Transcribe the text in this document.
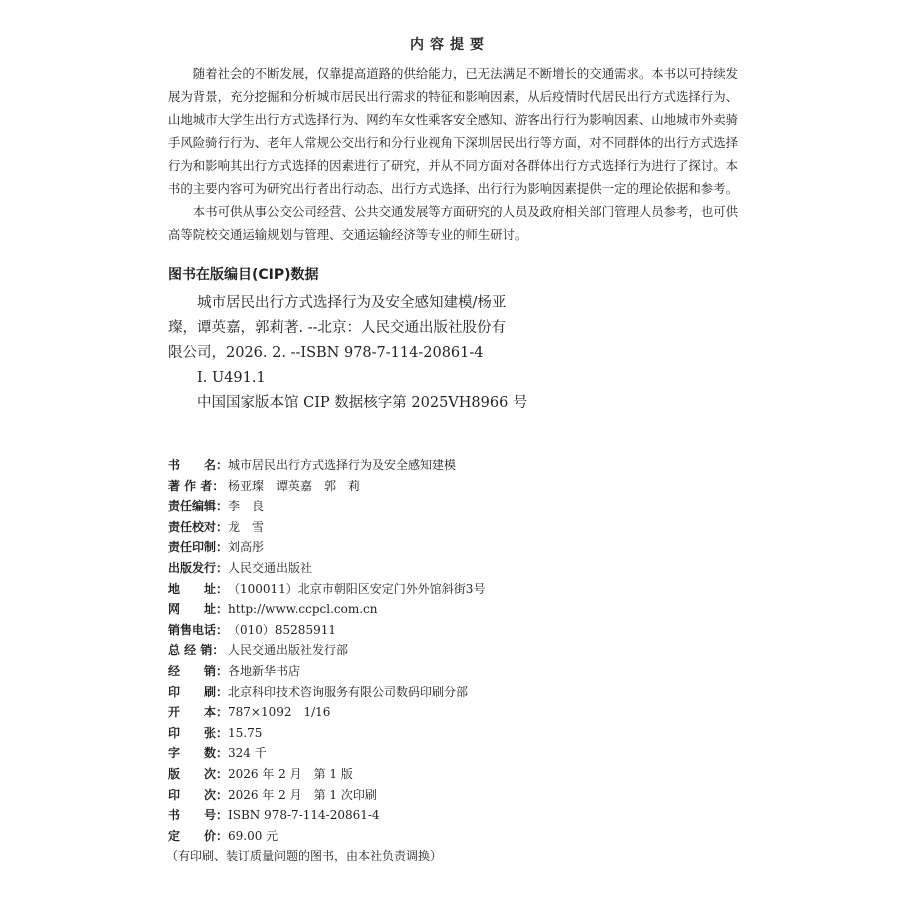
内容提要

随着社会的不断发展，仅靠提高道路的供给能力，已无法满足不断增长的交通需求。本书以可持续发展为背景，充分挖掘和分析城市居民出行需求的特征和影响因素，从后疫情时代居民出行方式选择行为、山地城市大学生出行方式选择行为、网约车女性乘客安全感知、游客出行行为影响因素、山地城市外卖骑手风险骑行行为、老年人常规公交出行和分行业视角下深圳居民出行等方面，对不同群体的出行方式选择行为和影响其出行方式选择的因素进行了研究，并从不同方面对各群体出行方式选择行为进行了探讨。本书的主要内容可为研究出行者出行动态、出行方式选择、出行行为影响因素提供一定的理论依据和参考。

本书可供从事公交公司经营、公共交通发展等方面研究的人员及政府相关部门管理人员参考，也可供高等院校交通运输规划与管理、交通运输经济等专业的师生研讨。

图书在版编目(CIP)数据

城市居民出行方式选择行为及安全感知建模/杨亚璨，谭英嘉，郭莉著. --北京：人民交通出版社股份有限公司，2026. 2. --ISBN 978-7-114-20861-4

Ⅰ. U491.1

中国国家版本馆 CIP 数据核字第 2025VH8966 号

书　　名： 城市居民出行方式选择行为及安全感知建模
著 作 者： 杨亚璨　谭英嘉　郭　莉
责任编辑： 李　良
责任校对： 龙　雪
责任印制： 刘高彤
出版发行： 人民交通出版社
地　　址： （100011）北京市朝阳区安定门外外馆斜街3号
网　　址： http://www.ccpcl.com.cn
销售电话： （010）85285911
总 经 销： 人民交通出版社发行部
经　　销： 各地新华书店
印　　刷： 北京科印技术咨询服务有限公司数码印刷分部
开　　本： 787×1092　1/16
印　　张： 15.75
字　　数： 324 千
版　　次： 2026 年 2 月　第 1 版
印　　次： 2026 年 2 月　第 1 次印刷
书　　号： ISBN 978-7-114-20861-4
定　　价： 69.00 元
（有印刷、装订质量问题的图书，由本社负责调换）
